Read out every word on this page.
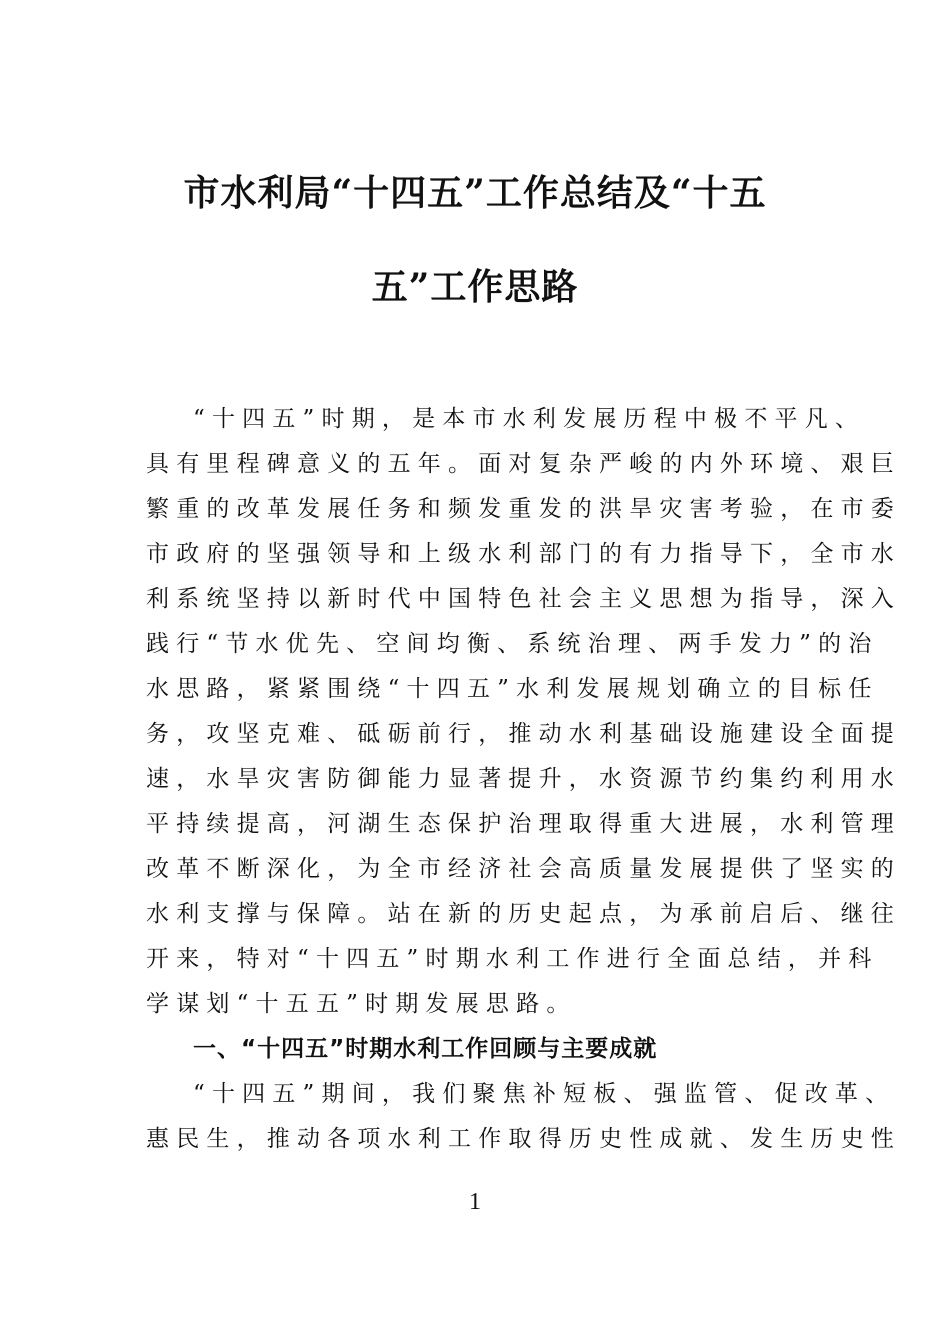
市水利局“十四五”工作总结及“十五
五”工作思路
“十四五”时期，是本市水利发展历程中极不平凡、
具有里程碑意义的五年。面对复杂严峻的内外环境、艰巨
繁重的改革发展任务和频发重发的洪旱灾害考验，在市委
市政府的坚强领导和上级水利部门的有力指导下，全市水
利系统坚持以新时代中国特色社会主义思想为指导，深入
践行“节水优先、空间均衡、系统治理、两手发力”的治
水思路，紧紧围绕“十四五”水利发展规划确立的目标任
务，攻坚克难、砥砺前行，推动水利基础设施建设全面提
速，水旱灾害防御能力显著提升，水资源节约集约利用水
平持续提高，河湖生态保护治理取得重大进展，水利管理
改革不断深化，为全市经济社会高质量发展提供了坚实的
水利支撑与保障。站在新的历史起点，为承前启后、继往
开来，特对“十四五”时期水利工作进行全面总结，并科
学谋划“十五五”时期发展思路。
一、“十四五”时期水利工作回顾与主要成就
“十四五”期间，我们聚焦补短板、强监管、促改革、
惠民生，推动各项水利工作取得历史性成就、发生历史性
1
